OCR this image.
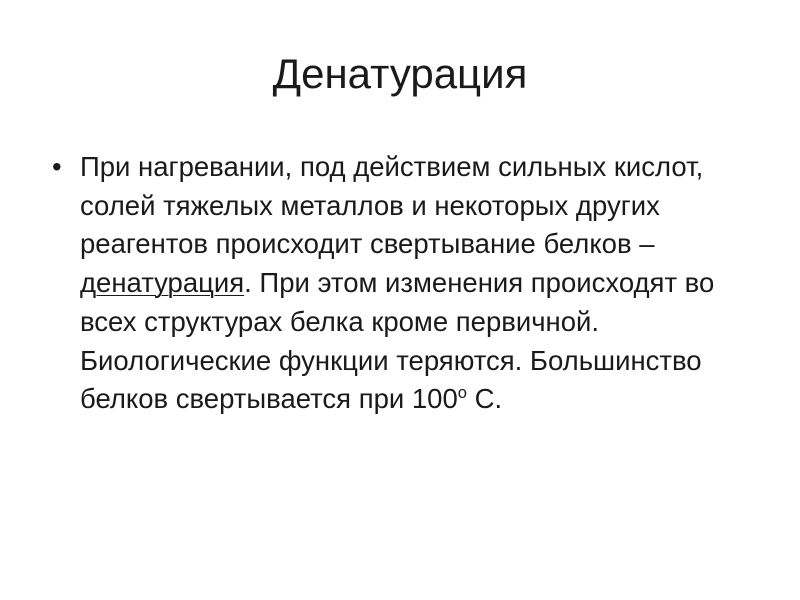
Денатурация
• При нагревании, под действием сильных кислот, солей тяжелых металлов и некоторых других реагентов происходит свертывание белков – денатурация. При этом изменения происходят во всех структурах белка кроме первичной. Биологические функции теряются. Большинство белков свертывается при 100$^o$ С.
